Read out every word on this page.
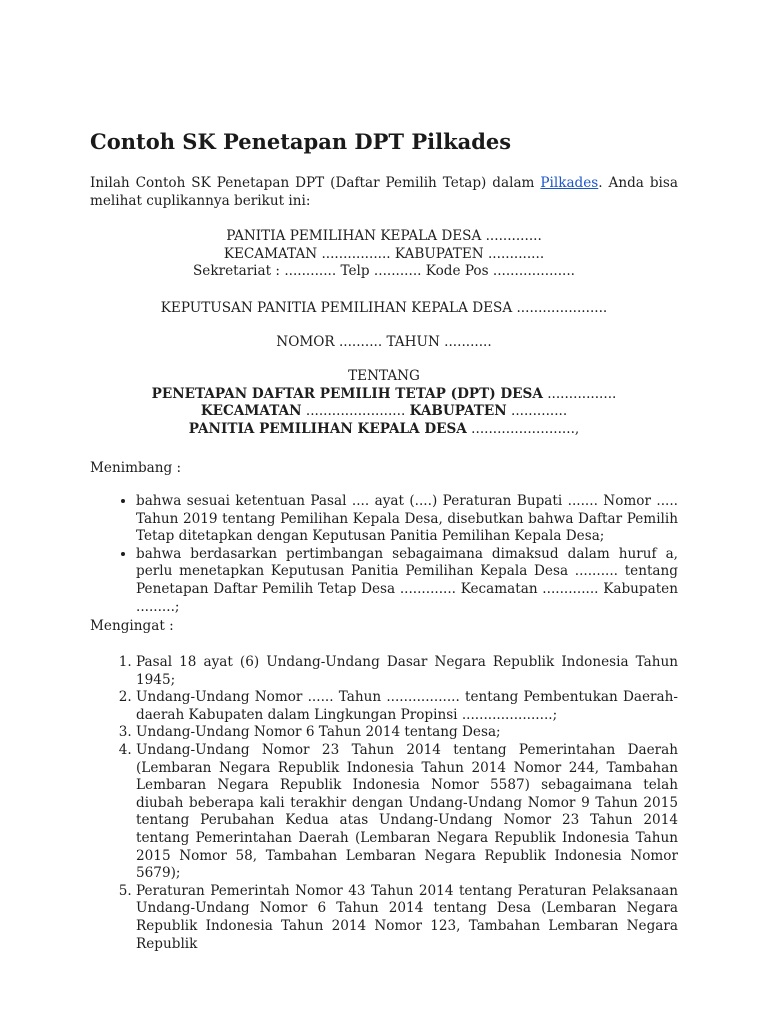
Contoh SK Penetapan DPT Pilkades

Inilah Contoh SK Penetapan DPT (Daftar Pemilih Tetap) dalam Pilkades. Anda bisa melihat cuplikannya berikut ini:

PANITIA PEMILIHAN KEPALA DESA .............
KECAMATAN ................ KABUPATEN .............
Sekretariat : ............ Telp ........... Kode Pos ...................
KEPUTUSAN PANITIA PEMILIHAN KEPALA DESA .....................
NOMOR .......... TAHUN ...........
TENTANG
PENETAPAN DAFTAR PEMILIH TETAP (DPT) DESA ................
KECAMATAN ....................... KABUPATEN .............
PANITIA PEMILIHAN KEPALA DESA ........................,
Menimbang :
• bahwa sesuai ketentuan Pasal .... ayat (....) Peraturan Bupati ....... Nomor ..... Tahun 2019 tentang Pemilihan Kepala Desa, disebutkan bahwa Daftar Pemilih Tetap ditetapkan dengan Keputusan Panitia Pemilihan Kepala Desa;
• bahwa berdasarkan pertimbangan sebagaimana dimaksud dalam huruf a, perlu menetapkan Keputusan Panitia Pemilihan Kepala Desa .......... tentang Penetapan Daftar Pemilih Tetap Desa ............. Kecamatan ............. Kabupaten .........;
Mengingat :
1. Pasal 18 ayat (6) Undang-Undang Dasar Negara Republik Indonesia Tahun 1945;
2. Undang-Undang Nomor ...... Tahun ................. tentang Pembentukan Daerah-daerah Kabupaten dalam Lingkungan Propinsi .....................;
3. Undang-Undang Nomor 6 Tahun 2014 tentang Desa;
4. Undang-Undang Nomor 23 Tahun 2014 tentang Pemerintahan Daerah (Lembaran Negara Republik Indonesia Tahun 2014 Nomor 244, Tambahan Lembaran Negara Republik Indonesia Nomor 5587) sebagaimana telah diubah beberapa kali terakhir dengan Undang-Undang Nomor 9 Tahun 2015 tentang Perubahan Kedua atas Undang-Undang Nomor 23 Tahun 2014 tentang Pemerintahan Daerah (Lembaran Negara Republik Indonesia Tahun 2015 Nomor 58, Tambahan Lembaran Negara Republik Indonesia Nomor 5679);
5. Peraturan Pemerintah Nomor 43 Tahun 2014 tentang Peraturan Pelaksanaan Undang-Undang Nomor 6 Tahun 2014 tentang Desa (Lembaran Negara Republik Indonesia Tahun 2014 Nomor 123, Tambahan Lembaran Negara Republik
